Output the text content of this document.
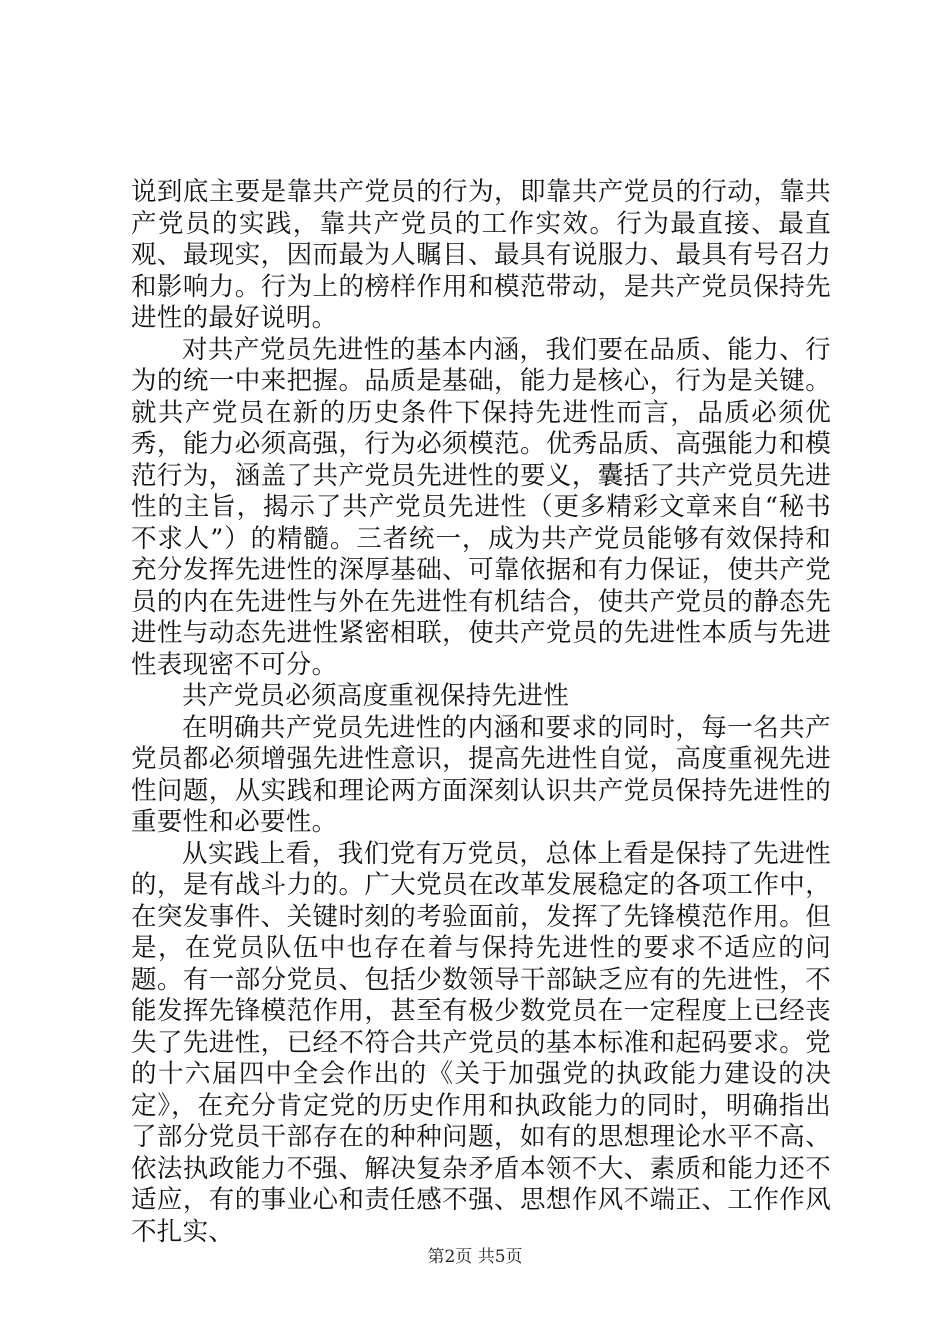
说到底主要是靠共产党员的行为，即靠共产党员的行动，靠共产党员的实践，靠共产党员的工作实效。行为最直接、最直观、最现实，因而最为人瞩目、最具有说服力、最具有号召力和影响力。行为上的榜样作用和模范带动，是共产党员保持先进性的最好说明。

对共产党员先进性的基本内涵，我们要在品质、能力、行为的统一中来把握。品质是基础，能力是核心，行为是关键。就共产党员在新的历史条件下保持先进性而言，品质必须优秀，能力必须高强，行为必须模范。优秀品质、高强能力和模范行为，涵盖了共产党员先进性的要义，囊括了共产党员先进性的主旨，揭示了共产党员先进性（更多精彩文章来自“秘书不求人”）的精髓。三者统一，成为共产党员能够有效保持和充分发挥先进性的深厚基础、可靠依据和有力保证，使共产党员的内在先进性与外在先进性有机结合，使共产党员的静态先进性与动态先进性紧密相联，使共产党员的先进性本质与先进性表现密不可分。

共产党员必须高度重视保持先进性

在明确共产党员先进性的内涵和要求的同时，每一名共产党员都必须增强先进性意识，提高先进性自觉，高度重视先进性问题，从实践和理论两方面深刻认识共产党员保持先进性的重要性和必要性。

从实践上看，我们党有万党员，总体上看是保持了先进性的，是有战斗力的。广大党员在改革发展稳定的各项工作中，在突发事件、关键时刻的考验面前，发挥了先锋模范作用。但是，在党员队伍中也存在着与保持先进性的要求不适应的问题。有一部分党员、包括少数领导干部缺乏应有的先进性，不能发挥先锋模范作用，甚至有极少数党员在一定程度上已经丧失了先进性，已经不符合共产党员的基本标准和起码要求。党的十六届四中全会作出的《关于加强党的执政能力建设的决定》，在充分肯定党的历史作用和执政能力的同时，明确指出了部分党员干部存在的种种问题，如有的思想理论水平不高、依法执政能力不强、解决复杂矛盾本领不大、素质和能力还不适应，有的事业心和责任感不强、思想作风不端正、工作作风不扎实、

第2页 共5页
